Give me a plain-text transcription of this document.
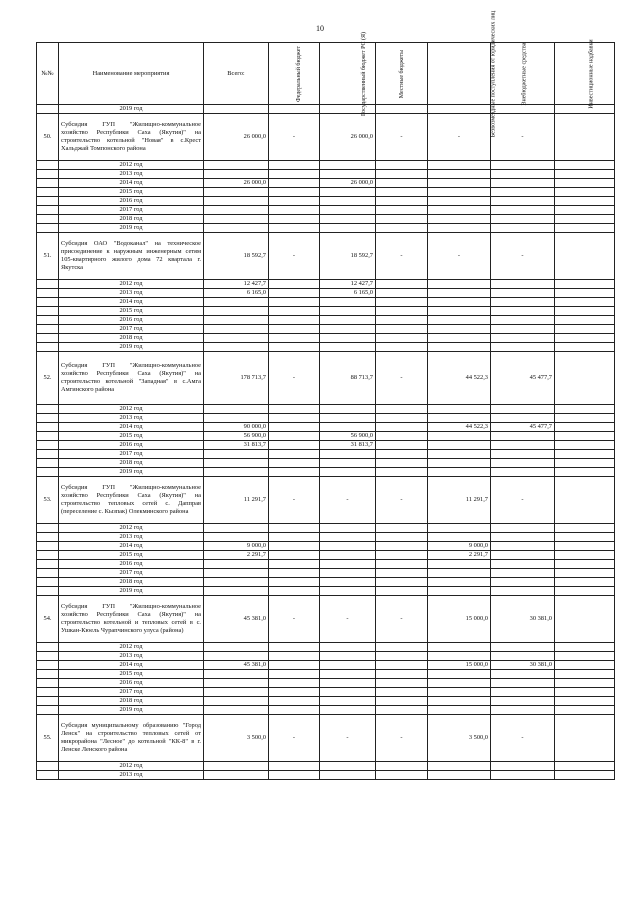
10
№№	Наименование мероприятия	Всего:	Федеральный бюджет	Государственный бюджет РС (Я)	Местные бюджеты	Безвозмездные поступления от юридических лиц	Внебюджетные средства	Инвестиционные надбавки
	2019 год							
50.	Субсидия ГУП "Жилищно-коммунальное хозяйство Республики Саха (Якутия)" на строительство котельной "Новая" в с.Крест Хальджай Томпонского района	26 000,0	-	26 000,0	-	-	-	
	2012 год							
	2013 год							
	2014 год	26 000,0		26 000,0				
	2015 год							
	2016 год							
	2017 год							
	2018 год							
	2019 год							
51.	Субсидия ОАО "Водоканал" на техническое присоединение к наружным инженерным сетям 105-квартирного жилого дома 72 квартала г. Якутска	18 592,7	-	18 592,7	-	-	-	
	2012 год	12 427,7		12 427,7				
	2013 год	6 165,0		6 165,0				
	2014 год							
	2015 год							
	2016 год							
	2017 год							
	2018 год							
	2019 год							
52.	Субсидия ГУП "Жилищно-коммунальное хозяйство Республики Саха (Якутия)" на строительство котельной "Западная" в с.Амга Амгинского района	178 713,7	-	88 713,7	-	44 522,3	45 477,7	
	2012 год							
	2013 год							
	2014 год	90 000,0				44 522,3	45 477,7	
	2015 год	56 900,0		56 900,0				
	2016 год	31 813,7		31 813,7				
	2017 год							
	2018 год							
	2019 год							
53.	Субсидия ГУП "Жилищно-коммунальное хозяйство Республики Саха (Якутия)" на строительство тепловых сетей с. Дапправ (переселение с. Кызпак) Олекминского района	11 291,7	-	-	-	11 291,7	-	
	2012 год							
	2013 год							
	2014 год	9 000,0				9 000,0		
	2015 год	2 291,7				2 291,7		
	2016 год							
	2017 год							
	2018 год							
	2019 год							
54.	Субсидия ГУП "Жилищно-коммунальное хозяйство Республики Саха (Якутия)" на строительство котельной и тепловых сетей в с. Ушкан-Кюель Чурапчинского улуса (района)	45 381,0	-	-	-	15 000,0	30 381,0	
	2012 год							
	2013 год							
	2014 год	45 381,0				15 000,0	30 381,0	
	2015 год							
	2016 год							
	2017 год							
	2018 год							
	2019 год							
55.	Субсидия муниципальному образованию "Город Ленск" на строительство тепловых сетей от микрорайона "Лесное" до котельной "КК-8" в г. Ленске Ленского района	3 500,0	-	-	-	3 500,0	-	
	2012 год							
	2013 год							
